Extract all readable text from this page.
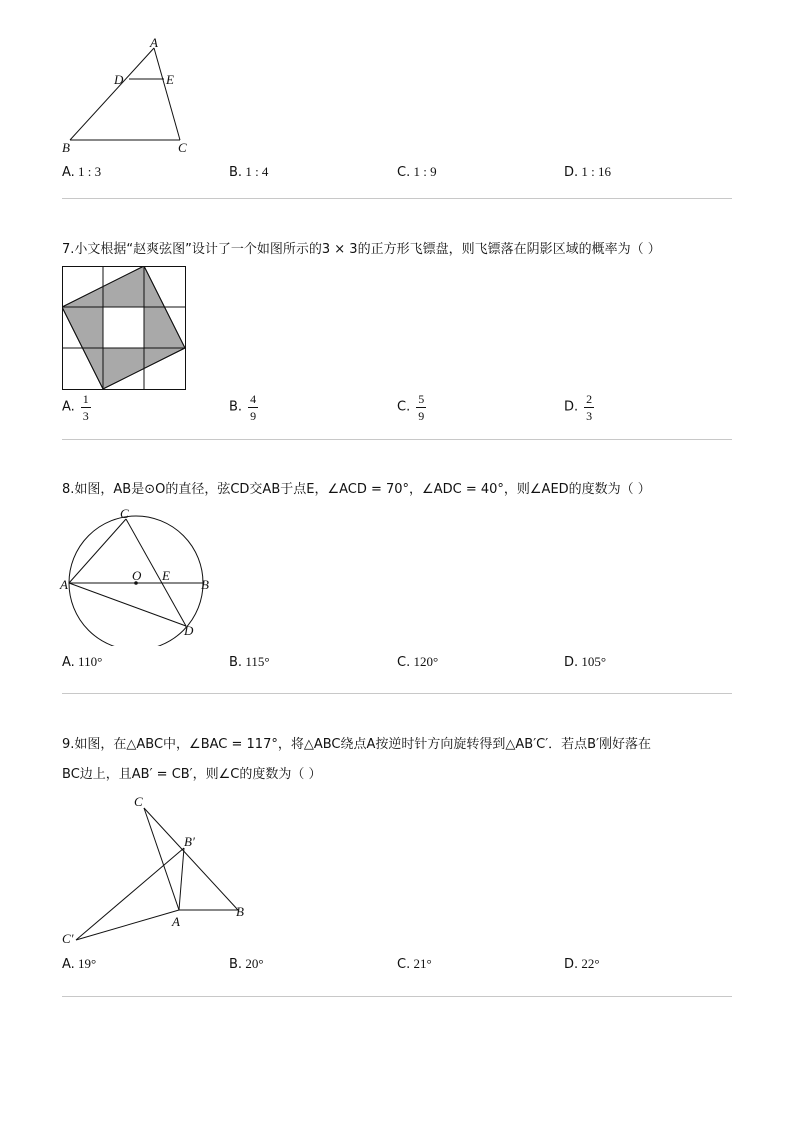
A
D	E
B	C
A. 1 : 3	B. 1 : 4	C. 1 : 9	D. 1 : 16
7.小文根据“赵爽弦图”设计了一个如图所示的3 × 3的正方形飞镖盘，则飞镖落在阴影区域的概率为（ ）
A. $\frac{1}{3}$	B. $\frac{4}{9}$	C. $\frac{5}{9}$	D. $\frac{2}{3}$
8.如图，AB是⊙O的直径，弦CD交AB于点E，∠ACD = 70°，∠ADC = 40°，则∠AED的度数为（ ）
C
A
O E
B
D
A. 110°	B. 115°	C. 120°	D. 105°
9.如图，在△ABC中，∠BAC = 117°，将△ABC绕点A按逆时针方向旋转得到△AB′C′．若点B′刚好落在
BC边上，且AB′ = CB′，则∠C的度数为（ ）
C
B′
A
B
C′
A. 19°	B. 20°	C. 21°	D. 22°
